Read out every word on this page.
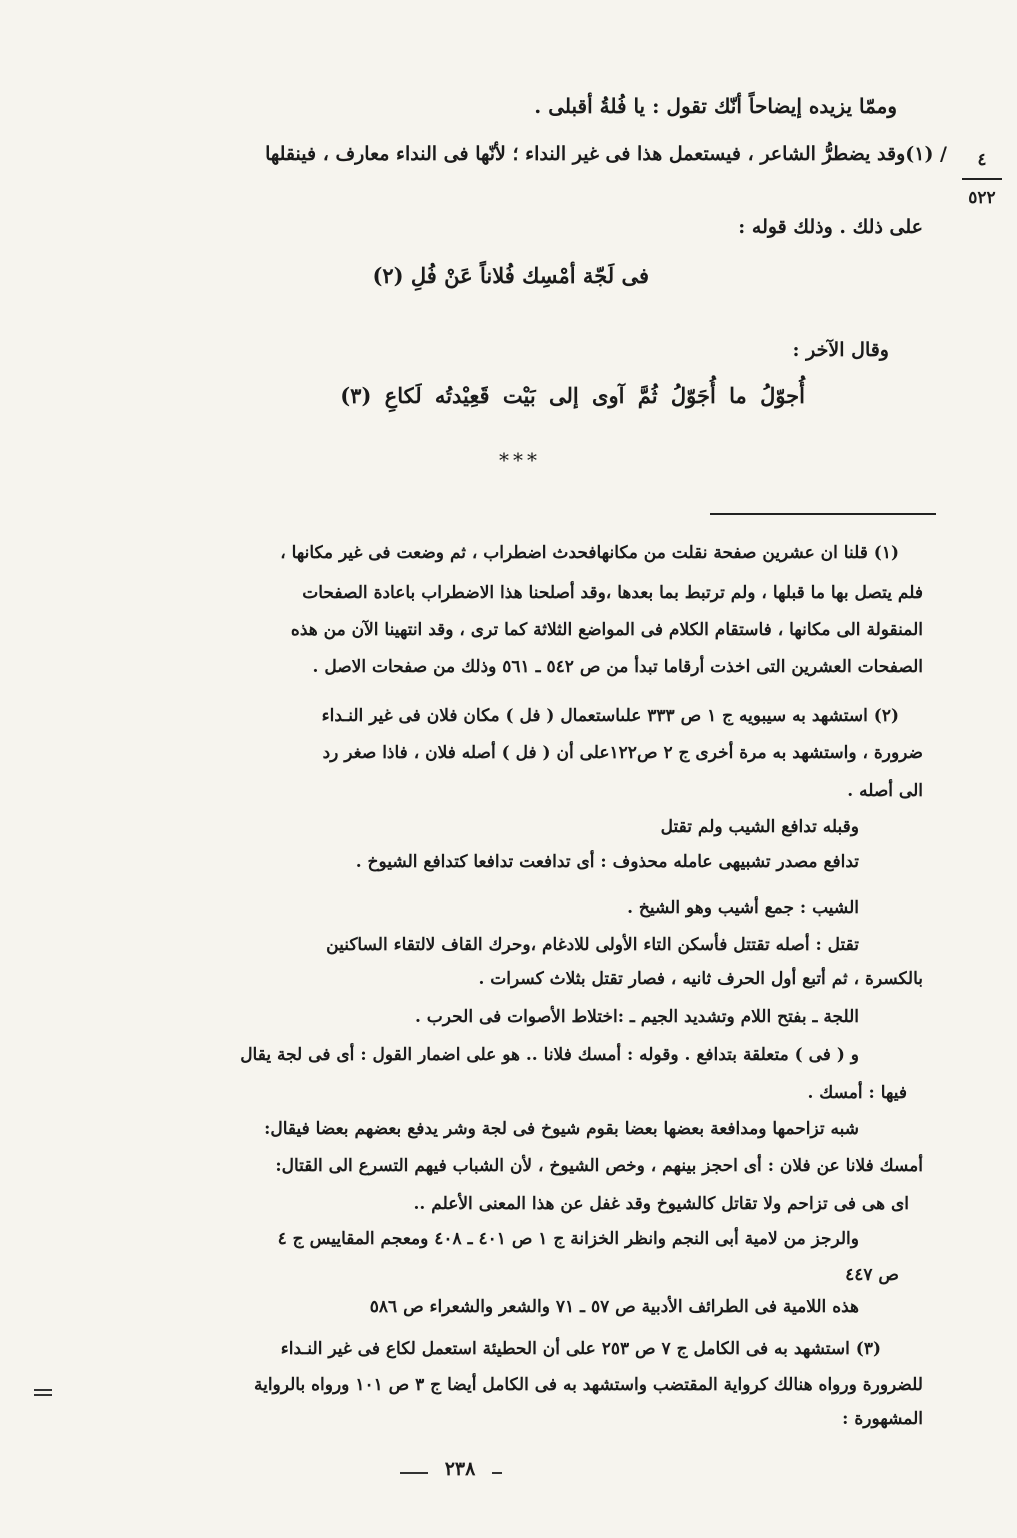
وممّا يزيده إيضاحاً أنّك تقول : يا فُلةُ أقبلى .
/ (١)وقد يضطرُّ الشاعر ، فيستعمل هذا فى غير النداء ؛ لأنّها فى النداء معارف ، فينقلها
على ذلك . وذلك قوله :
فى لَجّة أمْسِك فُلاناً عَنْ فُلِ (٢)
وقال الآخر :
أُجوّلُ ما أُجَوّلُ ثُمَّ آوى إلى بَيْت قَعِيْدتُه لَكاعِ (٣)
***
٤
٥٢٢
(١) قلنا ان عشرين صفحة نقلت من مكانهافحدث اضطراب ، ثم وضعت فى غير مكانها ،
فلم يتصل بها ما قبلها ، ولم ترتبط بما بعدها ،وقد أصلحنا هذا الاضطراب باعادة الصفحات
المنقولة الى مكانها ، فاستقام الكلام فى المواضع الثلاثة كما ترى ، وقد انتهينا الآن من هذه
الصفحات العشرين التى اخذت أرقاما تبدأ من ص ٥٤٢ ـ ٥٦١ وذلك من صفحات الاصل .
(٢) استشهد به سيبويه ج ١ ص ٣٣٣ علىاستعمال ( فل ) مكان فلان فى غير النـداء
ضرورة ، واستشهد به مرة أخرى ج ٢ ص١٢٢على أن ( فل ) أصله فلان ، فاذا صغر رد
الى أصله .
وقبله تدافع الشيب ولم تقتل
تدافع مصدر تشبيهى عامله محذوف : أى تدافعت تدافعا كتدافع الشيوخ .
الشيب : جمع أشيب وهو الشيخ .
تقتل : أصله تقتتل فأسكن التاء الأولى للادغام ،وحرك القاف لالتقاء الساكنين
بالكسرة ، ثم أتبع أول الحرف ثانيه ، فصار تقتل بثلاث كسرات .
اللجة ـ بفتح اللام وتشديد الجيم ـ :اختلاط الأصوات فى الحرب .
و ( فى ) متعلقة بتدافع . وقوله : أمسك فلانا .. هو على اضمار القول : أى فى لجة يقال
فيها : أمسك .
شبه تزاحمها ومدافعة بعضها بعضا بقوم شيوخ فى لجة وشر يدفع بعضهم بعضا فيقال:
أمسك فلانا عن فلان : أى احجز بينهم ، وخص الشيوخ ، لأن الشباب فيهم التسرع الى القتال:
اى هى فى تزاحم ولا تقاتل كالشيوخ وقد غفل عن هذا المعنى الأعلم ..
والرجز من لامية أبى النجم وانظر الخزانة ج ١ ص ٤٠١ ـ ٤٠٨ ومعجم المقاييس ج ٤
ص ٤٤٧
هذه اللامية فى الطرائف الأدبية ص ٥٧ ـ ٧١ والشعر والشعراء ص ٥٨٦
(٣) استشهد به فى الكامل ج ٧ ص ٢٥٣ على أن الحطيئة استعمل لكاع فى غير النـداء
للضرورة ورواه هنالك كرواية المقتضب واستشهد به فى الكامل أيضا ج ٣ ص ١٠١ ورواه بالرواية
المشهورة :
٢٣٨
